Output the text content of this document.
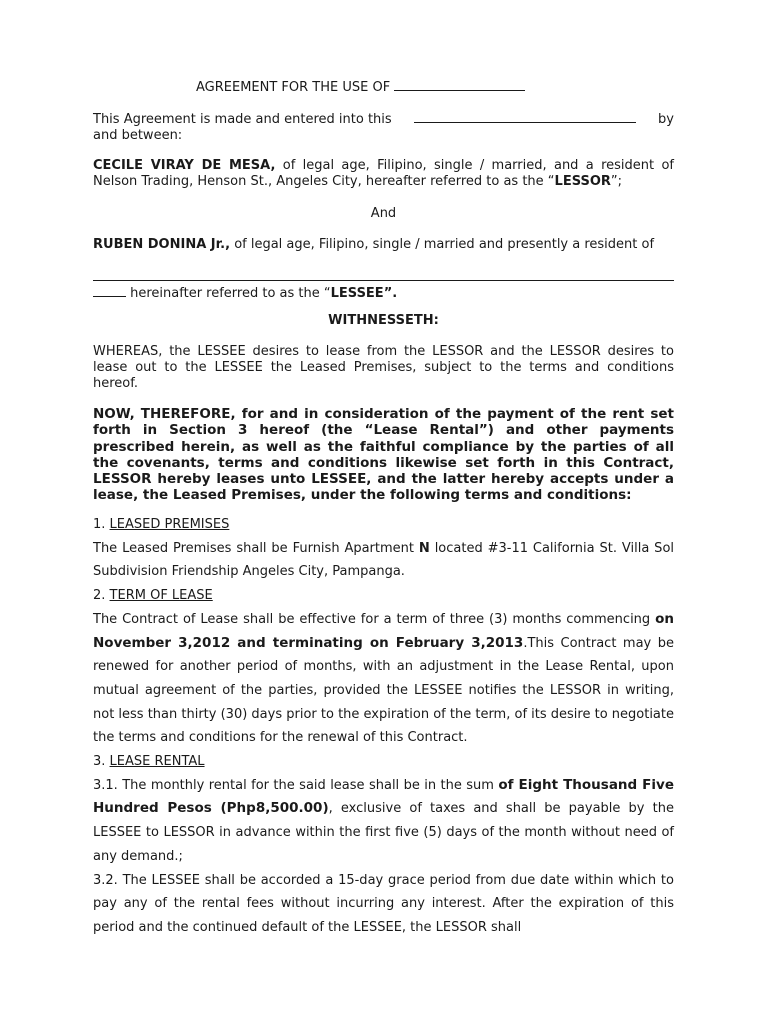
AGREEMENT FOR THE USE OF

This Agreement is made and entered into this	by
and between:

CECILE VIRAY DE MESA, of legal age, Filipino, single / married, and a resident of Nelson Trading, Henson St., Angeles City, hereafter referred to as the “LESSOR”;

And

RUBEN DONINA Jr., of legal age, Filipino, single / married and presently a resident of

hereinafter referred to as the “LESSEE”.

WITHNESSETH:

WHEREAS, the LESSEE desires to lease from the LESSOR and the LESSOR desires to lease out to the LESSEE the Leased Premises, subject to the terms and conditions hereof.

NOW, THEREFORE, for and in consideration of the payment of the rent set forth in Section 3 hereof (the “Lease Rental”) and other payments prescribed herein, as well as the faithful compliance by the parties of all the covenants, terms and conditions likewise set forth in this Contract, LESSOR hereby leases unto LESSEE, and the latter hereby accepts under a lease, the Leased Premises, under the following terms and conditions:

1. LEASED PREMISES
The Leased Premises shall be Furnish Apartment N located #3-11 California St. Villa Sol Subdivision Friendship Angeles City, Pampanga.
2. TERM OF LEASE
The Contract of Lease shall be effective for a term of three (3) months commencing on November 3,2012 and terminating on February 3,2013.This Contract may be renewed for another period of months, with an adjustment in the Lease Rental, upon mutual agreement of the parties, provided the LESSEE notifies the LESSOR in writing, not less than thirty (30) days prior to the expiration of the term, of its desire to negotiate the terms and conditions for the renewal of this Contract.
3. LEASE RENTAL
3.1. The monthly rental for the said lease shall be in the sum of Eight Thousand Five Hundred Pesos (Php8,500.00), exclusive of taxes and shall be payable by the LESSEE to LESSOR in advance within the first five (5) days of the month without need of any demand.;
3.2. The LESSEE shall be accorded a 15-day grace period from due date within which to pay any of the rental fees without incurring any interest. After the expiration of this period and the continued default of the LESSEE, the LESSOR shall
